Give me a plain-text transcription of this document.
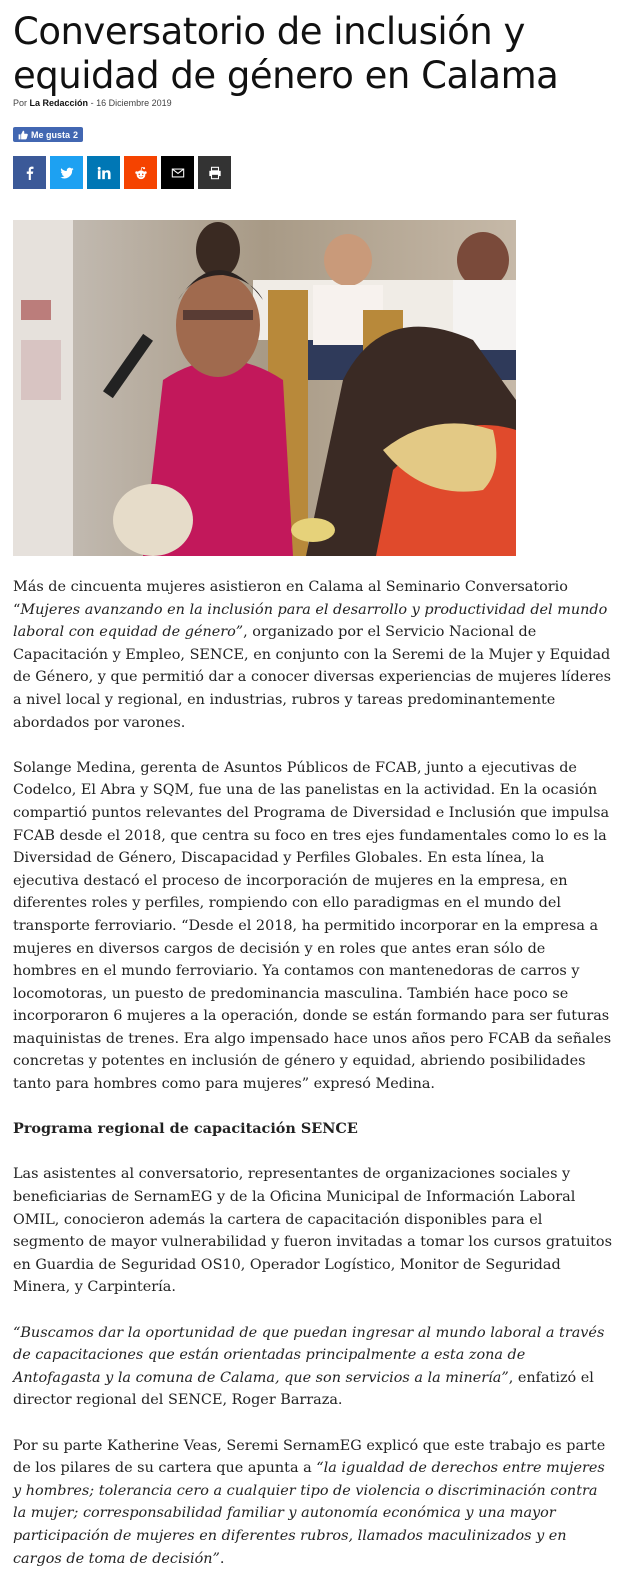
Conversatorio de inclusión y equidad de género en Calama
Por La Redacción - 16 Diciembre 2019
Me gusta 2

Más de cincuenta mujeres asistieron en Calama al Seminario Conversatorio “Mujeres avanzando en la inclusión para el desarrollo y productividad del mundo laboral con equidad de género”, organizado por el Servicio Nacional de Capacitación y Empleo, SENCE, en conjunto con la Seremi de la Mujer y Equidad de Género, y que permitió dar a conocer diversas experiencias de mujeres líderes a nivel local y regional, en industrias, rubros y tareas predominantemente abordados por varones.

Solange Medina, gerenta de Asuntos Públicos de FCAB, junto a ejecutivas de Codelco, El Abra y SQM, fue una de las panelistas en la actividad. En la ocasión compartió puntos relevantes del Programa de Diversidad e Inclusión que impulsa FCAB desde el 2018, que centra su foco en tres ejes fundamentales como lo es la Diversidad de Género, Discapacidad y Perfiles Globales. En esta línea, la ejecutiva destacó el proceso de incorporación de mujeres en la empresa, en diferentes roles y perfiles, rompiendo con ello paradigmas en el mundo del transporte ferroviario. “Desde el 2018, ha permitido incorporar en la empresa a mujeres en diversos cargos de decisión y en roles que antes eran sólo de hombres en el mundo ferroviario. Ya contamos con mantenedoras de carros y locomotoras, un puesto de predominancia masculina. También hace poco se incorporaron 6 mujeres a la operación, donde se están formando para ser futuras maquinistas de trenes. Era algo impensado hace unos años pero FCAB da señales concretas y potentes en inclusión de género y equidad, abriendo posibilidades tanto para hombres como para mujeres” expresó Medina.

Programa regional de capacitación SENCE

Las asistentes al conversatorio, representantes de organizaciones sociales y beneficiarias de SernamEG y de la Oficina Municipal de Información Laboral OMIL, conocieron además la cartera de capacitación disponibles para el segmento de mayor vulnerabilidad y fueron invitadas a tomar los cursos gratuitos en Guardia de Seguridad OS10, Operador Logístico, Monitor de Seguridad Minera, y Carpintería.

“Buscamos dar la oportunidad de que puedan ingresar al mundo laboral a través de capacitaciones que están orientadas principalmente a esta zona de Antofagasta y la comuna de Calama, que son servicios a la minería”, enfatizó el director regional del SENCE, Roger Barraza.

Por su parte Katherine Veas, Seremi SernamEG explicó que este trabajo es parte de los pilares de su cartera que apunta a “la igualdad de derechos entre mujeres y hombres; tolerancia cero a cualquier tipo de violencia o discriminación contra la mujer; corresponsabilidad familiar y autonomía económica y una mayor participación de mujeres en diferentes rubros, llamados maculinizados y en cargos de toma de decisión”.
